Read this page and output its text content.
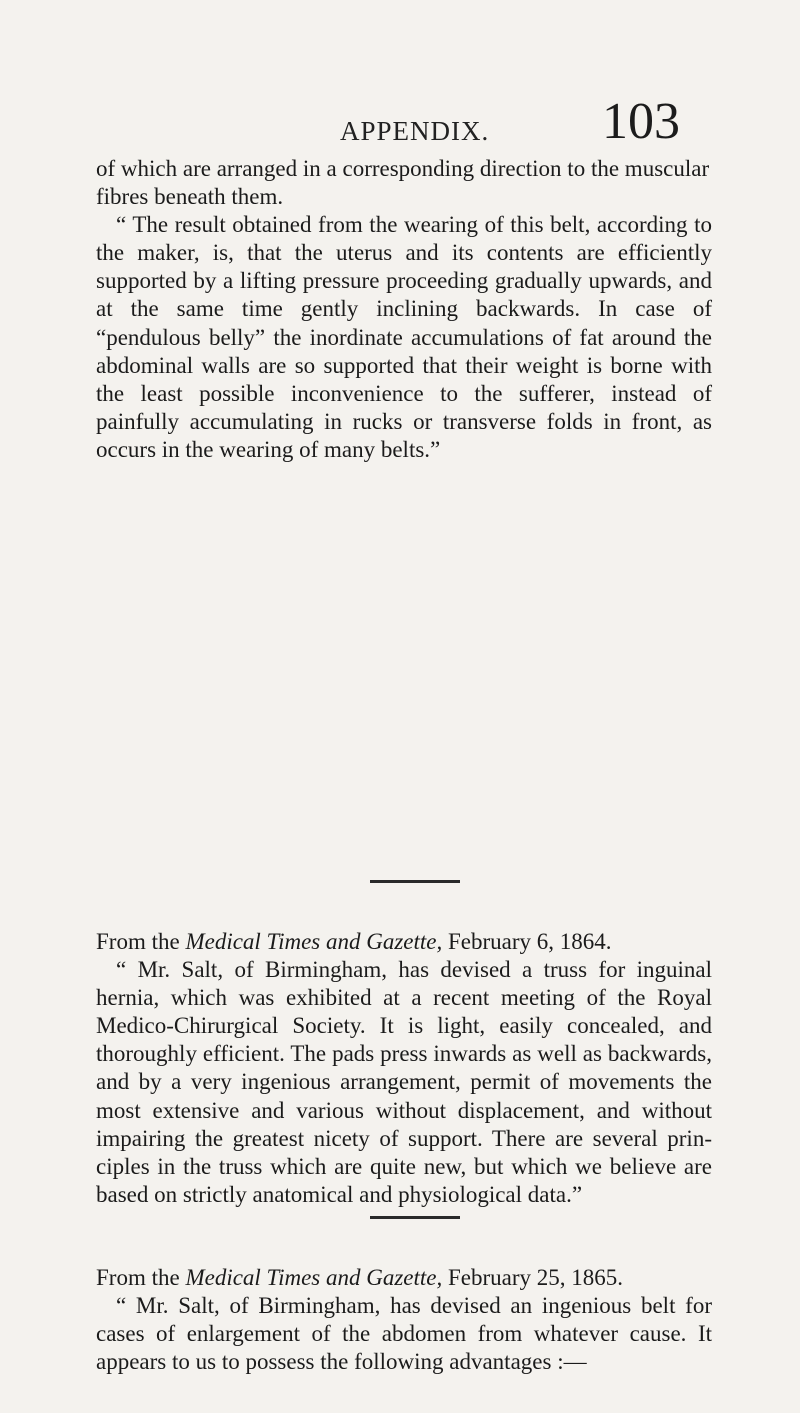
APPENDIX. 103

of which are arranged in a corresponding direction to the muscular fibres beneath them.

“ The result obtained from the wearing of this belt, according to the maker, is, that the uterus and its contents are efficiently supported by a lifting pressure proceeding gradually upwards, and at the same time gently inclining backwards. In case of “pendulous belly” the inordinate accumulations of fat around the abdominal walls are so supported that their weight is borne with the least possible inconvenience to the sufferer, instead of painfully accumulating in rucks or transverse folds in front, as occurs in the wearing of many belts.”

From the Medical Times and Gazette, February 6, 1864.

“ Mr. Salt, of Birmingham, has devised a truss for inguinal hernia, which was exhibited at a recent meeting of the Royal Medico-Chirurgical Society. It is light, easily concealed, and thoroughly efficient. The pads press inwards as well as backwards, and by a very ingenious arrangement, permit of movements the most extensive and various without displacement, and without impairing the greatest nicety of support. There are several principles in the truss which are quite new, but which we believe are based on strictly anatomical and physiological data.”

From the Medical Times and Gazette, February 25, 1865.

“ Mr. Salt, of Birmingham, has devised an ingenious belt for cases of enlargement of the abdomen from whatever cause. It appears to us to possess the following advantages :—
